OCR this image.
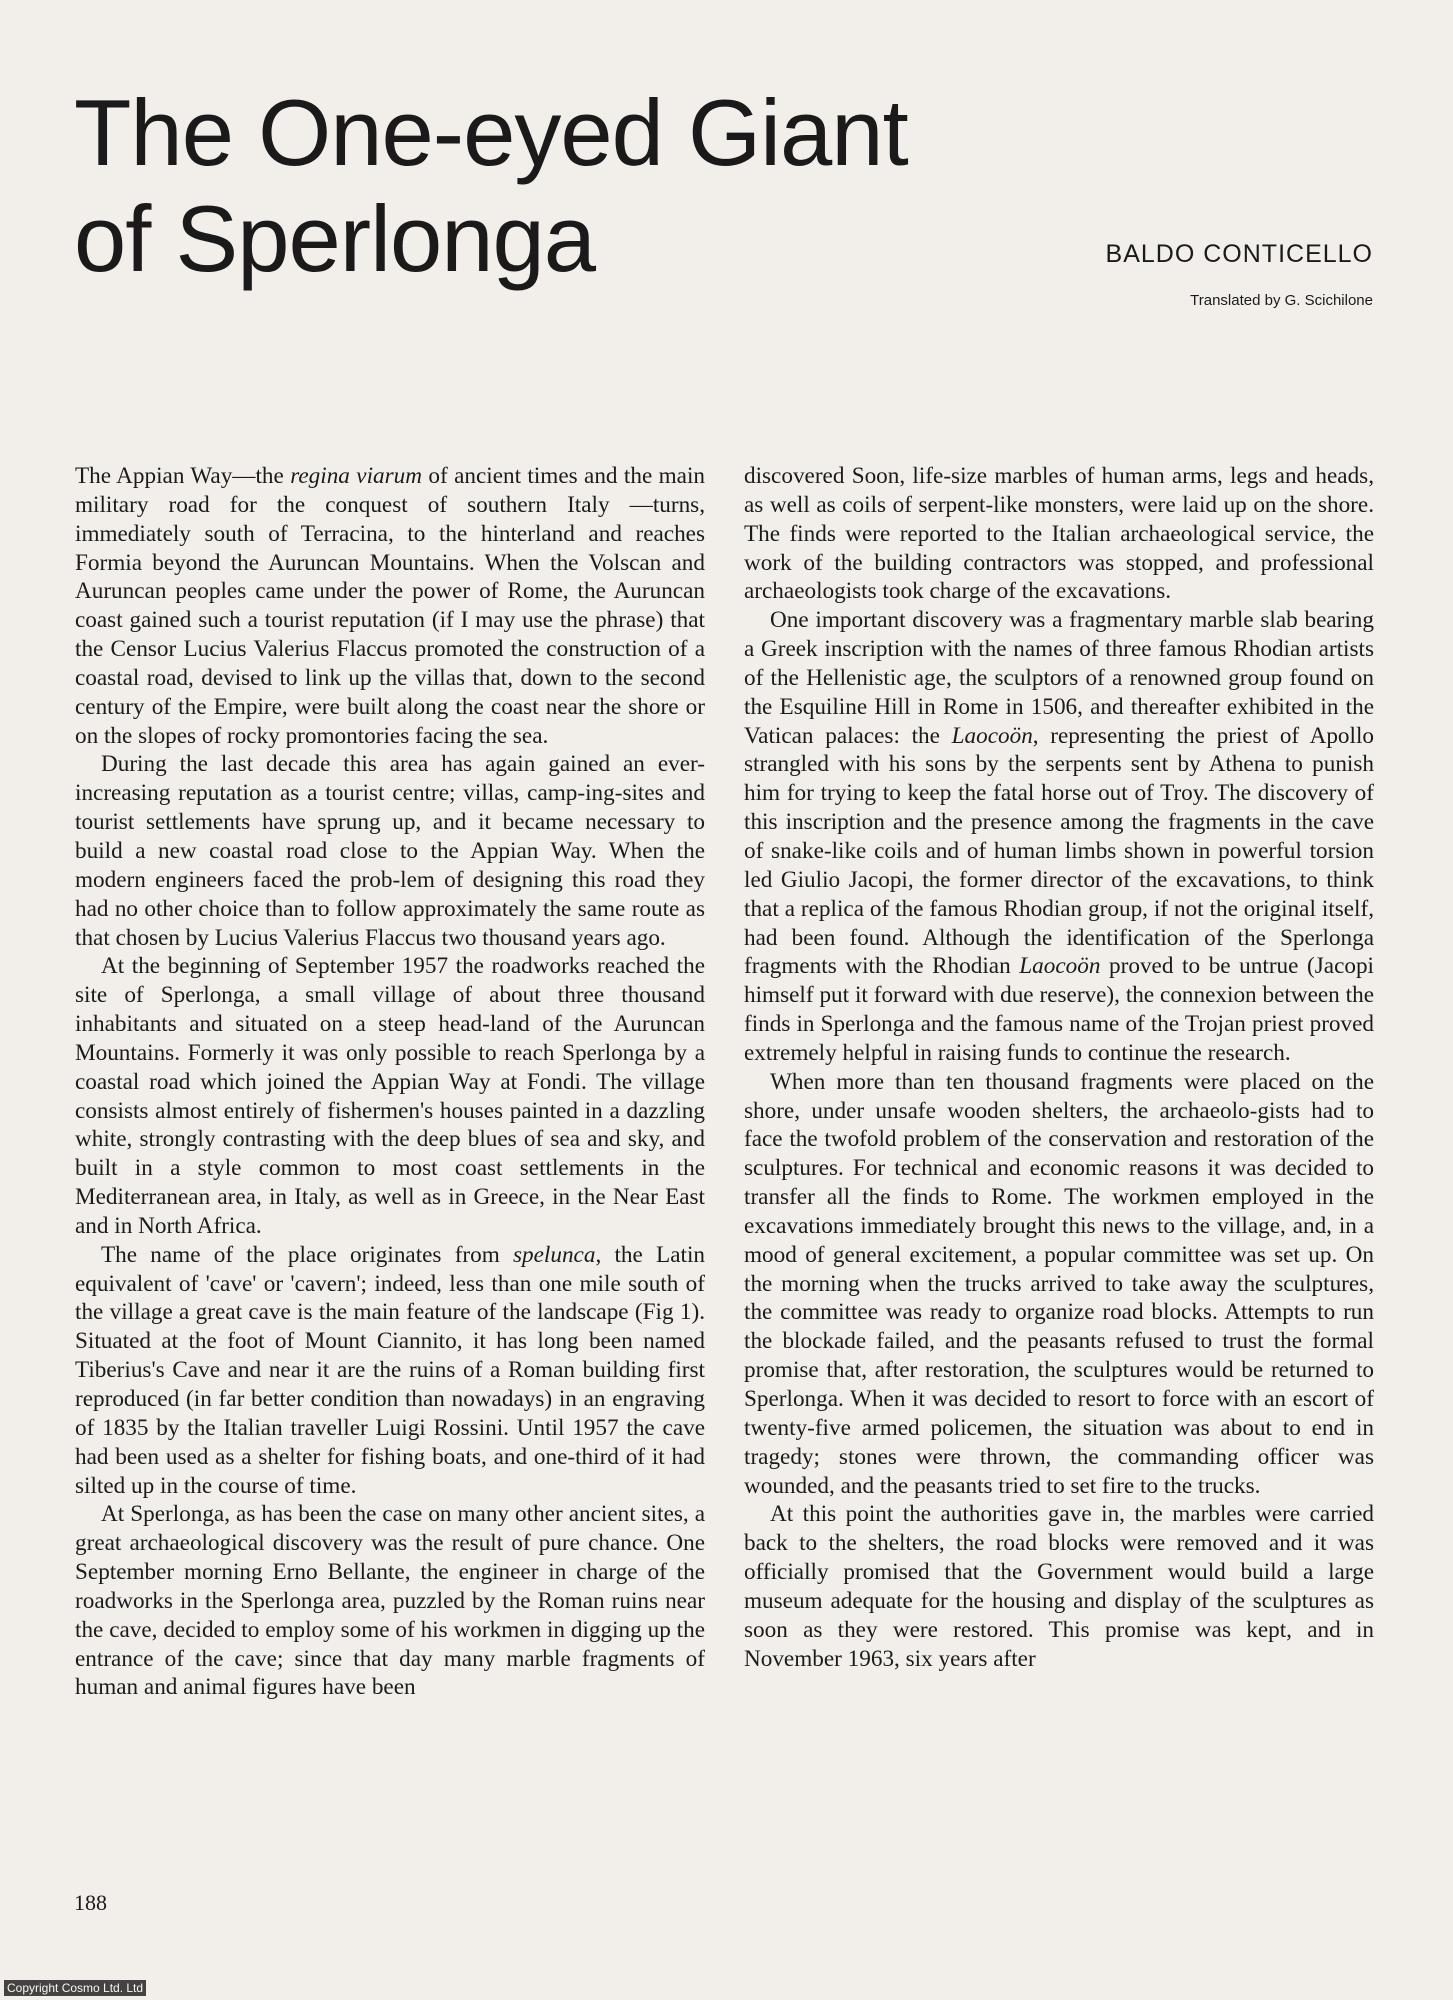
The One-eyed Giant
of Sperlonga	BALDO CONTICELLO
Translated by G. Scichilone

The Appian Way—the regina viarum of ancient times and the main military road for the conquest of southern Italy —turns, immediately south of Terracina, to the hinterland and reaches Formia beyond the Auruncan Mountains. When the Volscan and Auruncan peoples came under the power of Rome, the Auruncan coast gained such a tourist reputation (if I may use the phrase) that the Censor Lucius Valerius Flaccus promoted the construction of a coastal road, devised to link up the villas that, down to the second century of the Empire, were built along the coast near the shore or on the slopes of rocky promontories facing the sea.

During the last decade this area has again gained an ever-increasing reputation as a tourist centre; villas, camp-ing-sites and tourist settlements have sprung up, and it became necessary to build a new coastal road close to the Appian Way. When the modern engineers faced the prob-lem of designing this road they had no other choice than to follow approximately the same route as that chosen by Lucius Valerius Flaccus two thousand years ago.

At the beginning of September 1957 the roadworks reached the site of Sperlonga, a small village of about three thousand inhabitants and situated on a steep head-land of the Auruncan Mountains. Formerly it was only possible to reach Sperlonga by a coastal road which joined the Appian Way at Fondi. The village consists almost entirely of fishermen's houses painted in a dazzling white, strongly contrasting with the deep blues of sea and sky, and built in a style common to most coast settlements in the Mediterranean area, in Italy, as well as in Greece, in the Near East and in North Africa.

The name of the place originates from spelunca, the Latin equivalent of 'cave' or 'cavern'; indeed, less than one mile south of the village a great cave is the main feature of the landscape (Fig 1). Situated at the foot of Mount Ciannito, it has long been named Tiberius's Cave and near it are the ruins of a Roman building first reproduced (in far better condition than nowadays) in an engraving of 1835 by the Italian traveller Luigi Rossini. Until 1957 the cave had been used as a shelter for fishing boats, and one-third of it had silted up in the course of time.

At Sperlonga, as has been the case on many other ancient sites, a great archaeological discovery was the result of pure chance. One September morning Erno Bellante, the engineer in charge of the roadworks in the Sperlonga area, puzzled by the Roman ruins near the cave, decided to employ some of his workmen in digging up the entrance of the cave; since that day many marble fragments of human and animal figures have been

discovered Soon, life-size marbles of human arms, legs and heads, as well as coils of serpent-like monsters, were laid up on the shore. The finds were reported to the Italian archaeological service, the work of the building contractors was stopped, and professional archaeologists took charge of the excavations.

One important discovery was a fragmentary marble slab bearing a Greek inscription with the names of three famous Rhodian artists of the Hellenistic age, the sculptors of a renowned group found on the Esquiline Hill in Rome in 1506, and thereafter exhibited in the Vatican palaces: the Laocoön, representing the priest of Apollo strangled with his sons by the serpents sent by Athena to punish him for trying to keep the fatal horse out of Troy. The discovery of this inscription and the presence among the fragments in the cave of snake-like coils and of human limbs shown in powerful torsion led Giulio Jacopi, the former director of the excavations, to think that a replica of the famous Rhodian group, if not the original itself, had been found. Although the identification of the Sperlonga fragments with the Rhodian Laocoön proved to be untrue (Jacopi himself put it forward with due reserve), the connexion between the finds in Sperlonga and the famous name of the Trojan priest proved extremely helpful in raising funds to continue the research.

When more than ten thousand fragments were placed on the shore, under unsafe wooden shelters, the archaeolo-gists had to face the twofold problem of the conservation and restoration of the sculptures. For technical and economic reasons it was decided to transfer all the finds to Rome. The workmen employed in the excavations immediately brought this news to the village, and, in a mood of general excitement, a popular committee was set up. On the morning when the trucks arrived to take away the sculptures, the committee was ready to organize road blocks. Attempts to run the blockade failed, and the peasants refused to trust the formal promise that, after restoration, the sculptures would be returned to Sperlonga. When it was decided to resort to force with an escort of twenty-five armed policemen, the situation was about to end in tragedy; stones were thrown, the commanding officer was wounded, and the peasants tried to set fire to the trucks.

At this point the authorities gave in, the marbles were carried back to the shelters, the road blocks were removed and it was officially promised that the Government would build a large museum adequate for the housing and display of the sculptures as soon as they were restored. This promise was kept, and in November 1963, six years after

188
Copyright Cosmo Ltd. Ltd
